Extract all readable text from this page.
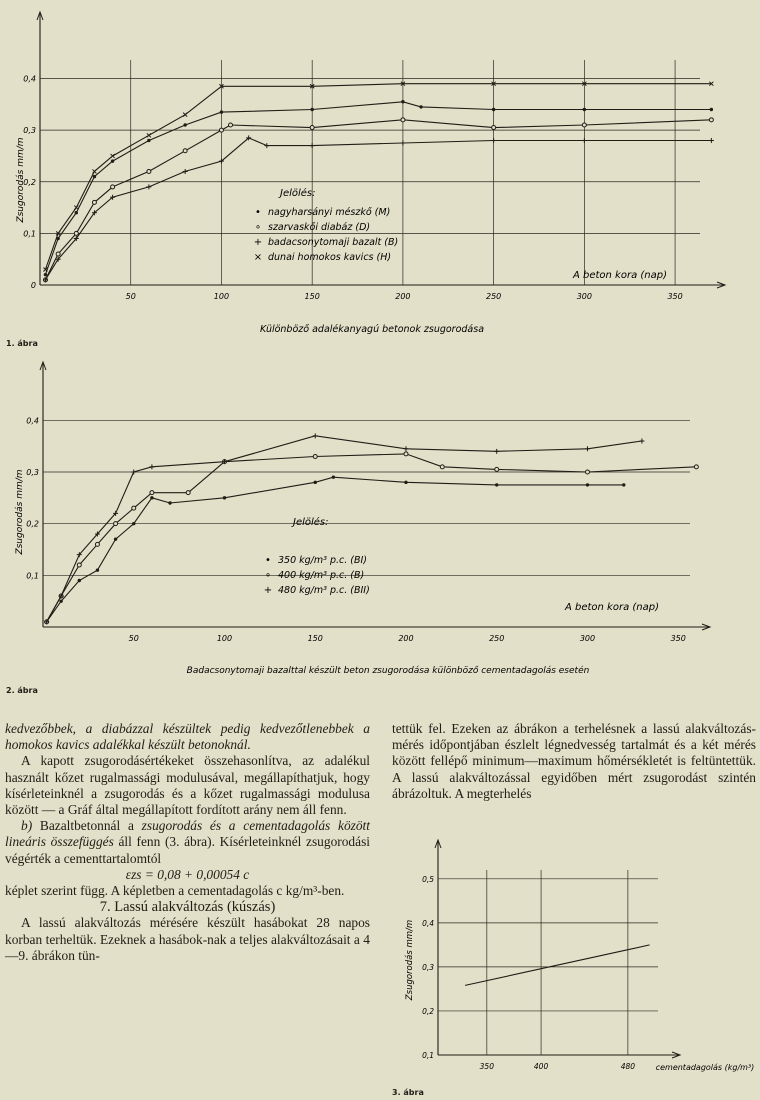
0
0,1
0,2
0,3
0,4
50	100	150	200	250	300	350
Zsugorodás mm/m
A beton kora (nap)
Jelölés:
• nagyharsányi mészkő (M)
∘ szarvaskői diabáz (D)
+ badacsonytomaji bazalt (B)
× dunai homokos kavics (H)
Különböző adalékanyagú betonok zsugorodása
1. ábra
0,1
0,2
0,3
0,4
50	100	150	200	250	300	350
Zsugorodás mm/m
A beton kora (nap)
Jelölés:
• 350 kg/m³ p.c. (BI)
∘ 400 kg/m³ p.c. (B)
+ 480 kg/m³ p.c. (BII)
Badacsonytomaji bazalttal készült beton zsugorodása különböző cementadagolás esetén
2. ábra

kedvezőbbek, a diabázzal készültek pedig kedvezőtlenebbek a homokos kavics adalékkal készült betonoknál.

A kapott zsugorodásértékeket összehasonlítva, az adalékul használt kőzet rugalmassági modulusával, megállapíthatjuk, hogy kísérleteinknél a zsugorodás és a kőzet rugalmassági modulusa között — a Gráf által megállapított fordított arány nem áll fenn.

b) Bazaltbetonnál a zsugorodás és a cementadagolás között lineáris összefüggés áll fenn (3. ábra). Kísérleteinknél zsugorodási végérték a cementtartalomtól

εzs = 0,08 + 0,00054 c

képlet szerint függ. A képletben a cementadagolás c kg/m³-ben.

7. Lassú alakváltozás (kúszás)

A lassú alakváltozás mérésére készült hasábokat 28 napos korban terheltük. Ezeknek a hasábok-nak a teljes alakváltozásait a 4—9. ábrákon tün-

tettük fel. Ezeken az ábrákon a terhelésnek a lassú alakváltozás-mérés időpontjában észlelt légnedvesség tartalmát és a két mérés között fellépő minimum—maximum hőmérsékletét is feltüntettük. A lassú alakváltozással egyidőben mért zsugorodást szintén ábrázoltuk. A megterhelés

0,1
0,2
0,3
0,4
0,5
350	400	480
Zsugorodás mm/m
cementadagolás (kg/m³)
3. ábra
